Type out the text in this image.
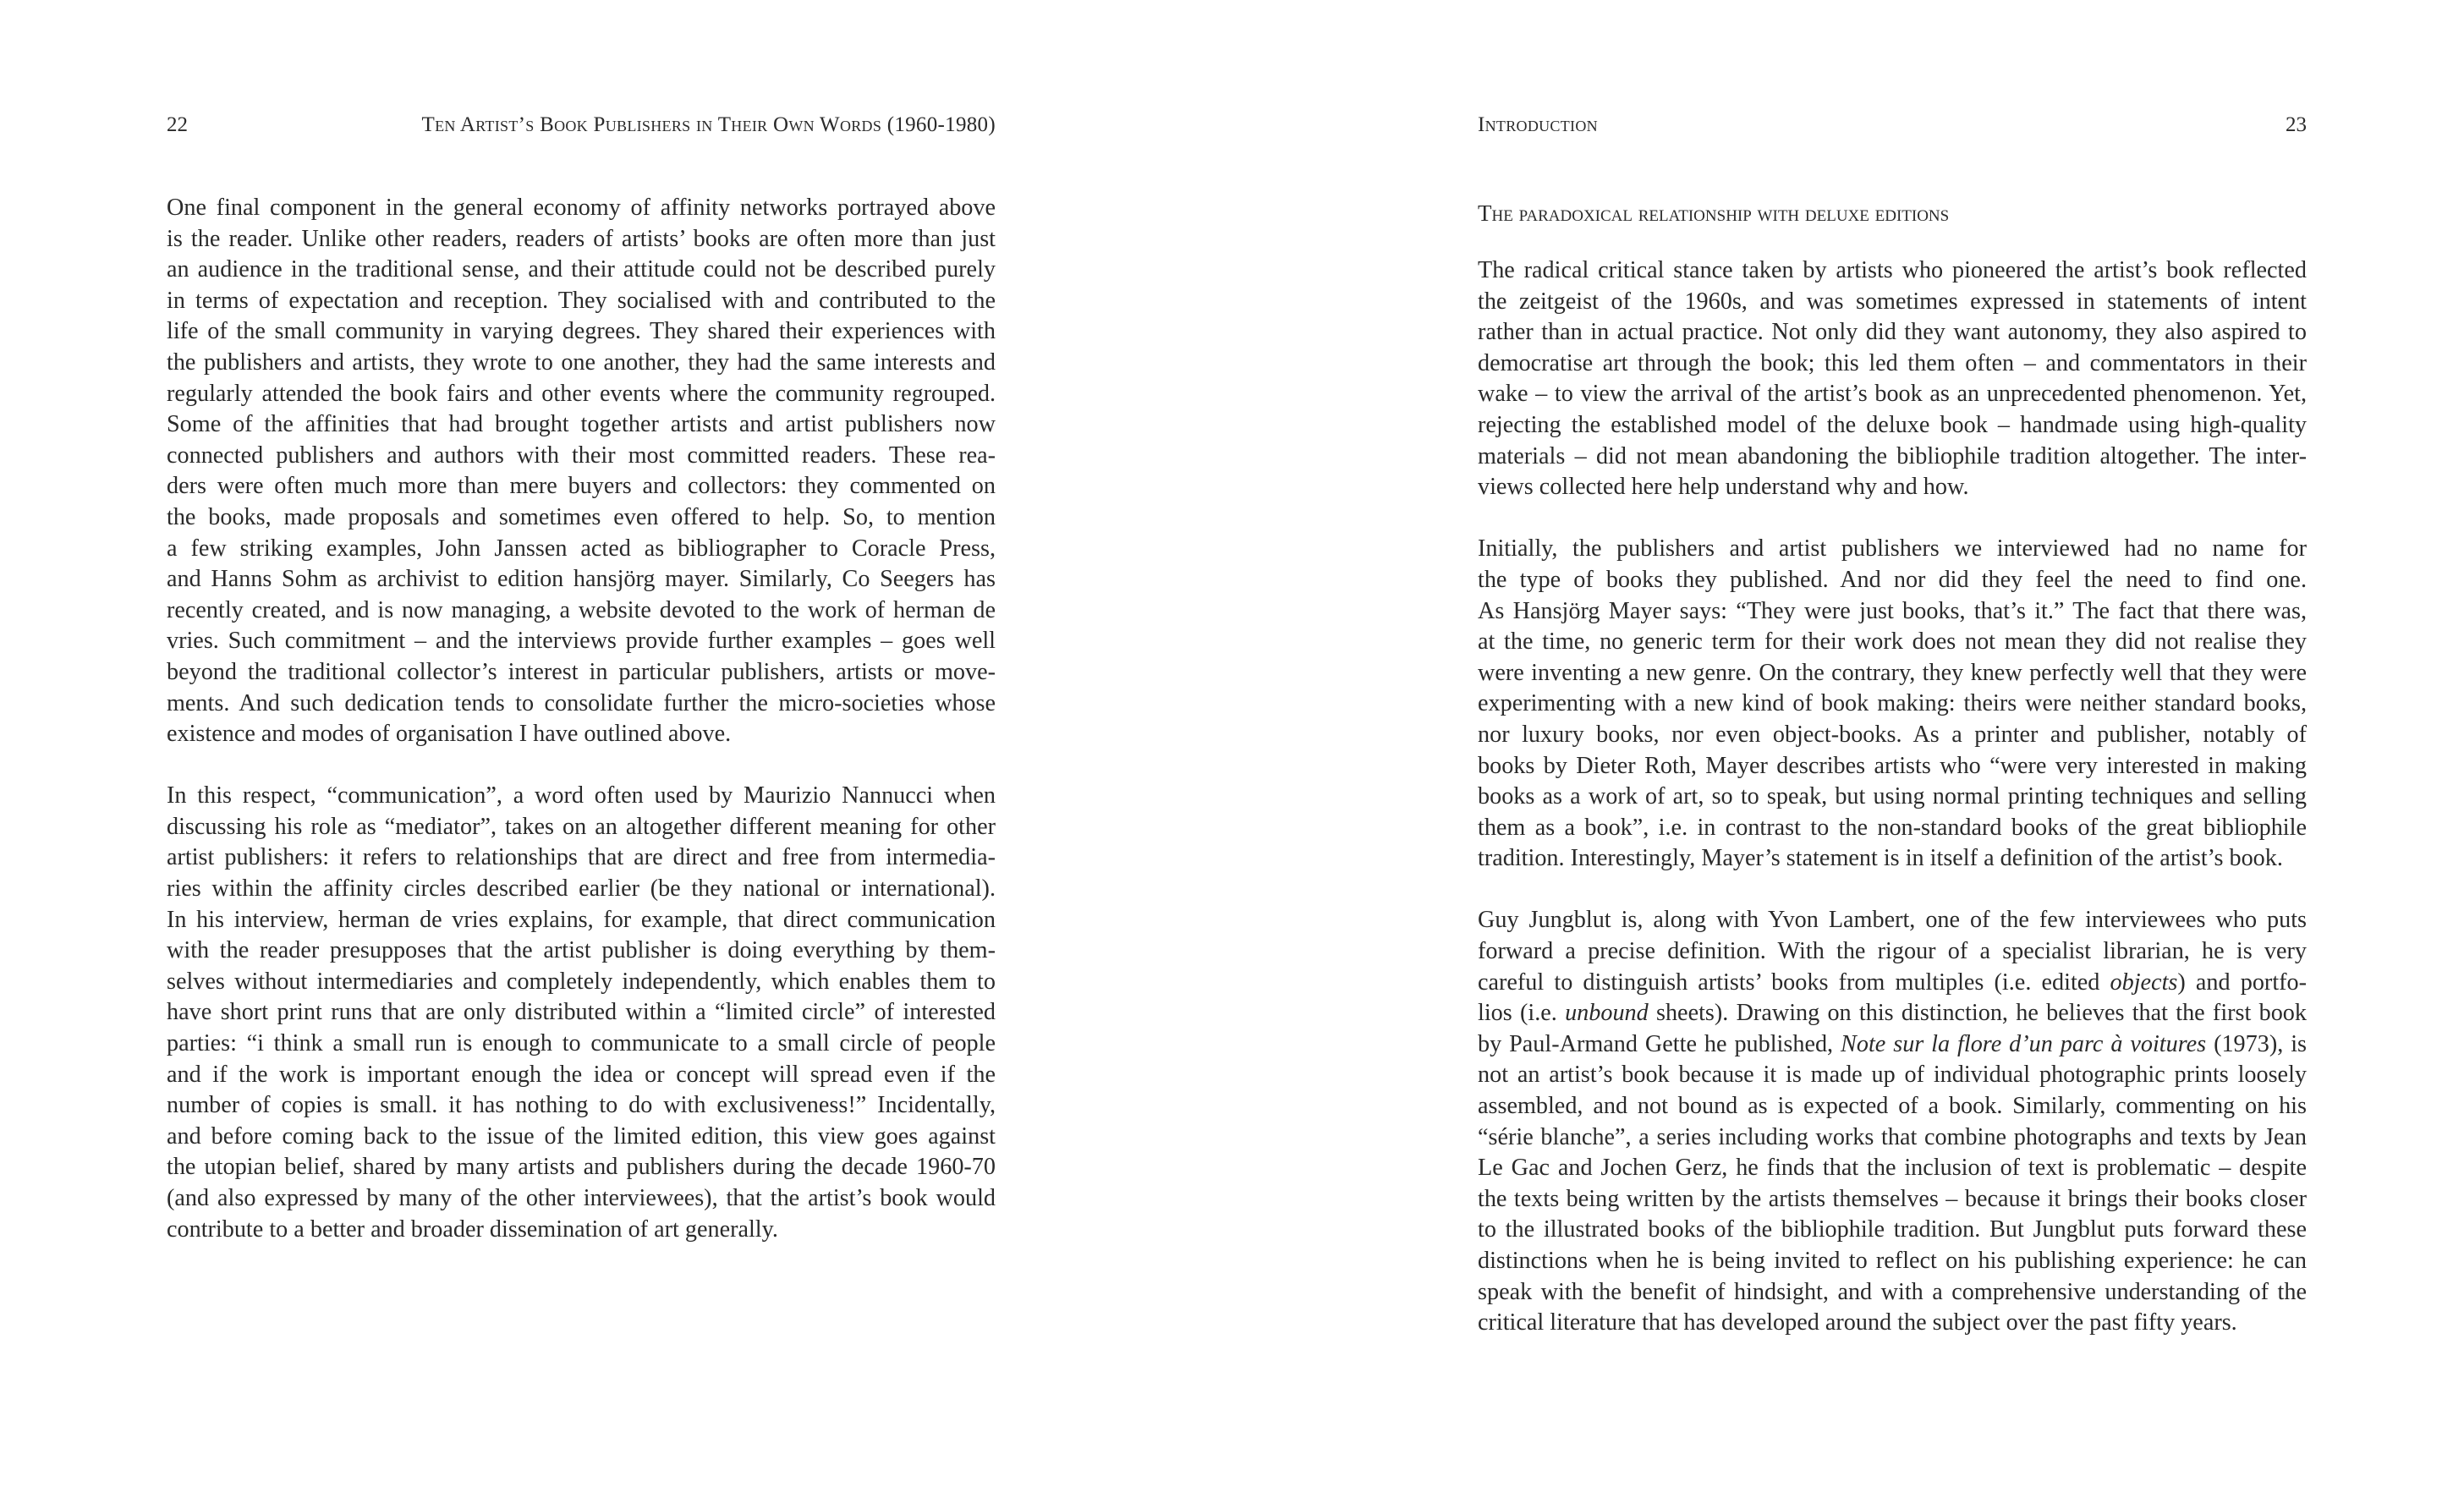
22	Ten Artist’s Book Publishers in Their Own Words (1960-1980)
One final component in the general economy of affinity networks portrayed above
is the reader. Unlike other readers, readers of artists’ books are often more than just
an audience in the traditional sense, and their attitude could not be described purely
in terms of expectation and reception. They socialised with and contributed to the
life of the small community in varying degrees. They shared their experiences with
the publishers and artists, they wrote to one another, they had the same interests and
regularly attended the book fairs and other events where the community regrouped.
Some of the affinities that had brought together artists and artist publishers now
connected publishers and authors with their most committed readers. These rea-
ders were often much more than mere buyers and collectors: they commented on
the books, made proposals and sometimes even offered to help. So, to mention
a few striking examples, John Janssen acted as bibliographer to Coracle Press,
and Hanns Sohm as archivist to edition hansjörg mayer. Similarly, Co Seegers has
recently created, and is now managing, a website devoted to the work of herman de
vries. Such commitment – and the interviews provide further examples – goes well
beyond the traditional collector’s interest in particular publishers, artists or move-
ments. And such dedication tends to consolidate further the micro-societies whose
existence and modes of organisation I have outlined above.
In this respect, “communication”, a word often used by Maurizio Nannucci when
discussing his role as “mediator”, takes on an altogether different meaning for other
artist publishers: it refers to relationships that are direct and free from intermedia-
ries within the affinity circles described earlier (be they national or international).
In his interview, herman de vries explains, for example, that direct communication
with the reader presupposes that the artist publisher is doing everything by them-
selves without intermediaries and completely independently, which enables them to
have short print runs that are only distributed within a “limited circle” of interested
parties: “i think a small run is enough to communicate to a small circle of people
and if the work is important enough the idea or concept will spread even if the
number of copies is small. it has nothing to do with exclusiveness!” Incidentally,
and before coming back to the issue of the limited edition, this view goes against
the utopian belief, shared by many artists and publishers during the decade 1960-70
(and also expressed by many of the other interviewees), that the artist’s book would
contribute to a better and broader dissemination of art generally.
Introduction	23
The paradoxical relationship with deluxe editions
The radical critical stance taken by artists who pioneered the artist’s book reflected
the zeitgeist of the 1960s, and was sometimes expressed in statements of intent
rather than in actual practice. Not only did they want autonomy, they also aspired to
democratise art through the book; this led them often – and commentators in their
wake – to view the arrival of the artist’s book as an unprecedented phenomenon. Yet,
rejecting the established model of the deluxe book – handmade using high-quality
materials – did not mean abandoning the bibliophile tradition altogether. The inter-
views collected here help understand why and how.
Initially, the publishers and artist publishers we interviewed had no name for
the type of books they published. And nor did they feel the need to find one.
As Hansjörg Mayer says: “They were just books, that’s it.” The fact that there was,
at the time, no generic term for their work does not mean they did not realise they
were inventing a new genre. On the contrary, they knew perfectly well that they were
experimenting with a new kind of book making: theirs were neither standard books,
nor luxury books, nor even object-books. As a printer and publisher, notably of
books by Dieter Roth, Mayer describes artists who “were very interested in making
books as a work of art, so to speak, but using normal printing techniques and selling
them as a book”, i.e. in contrast to the non-standard books of the great bibliophile
tradition. Interestingly, Mayer’s statement is in itself a definition of the artist’s book.
Guy Jungblut is, along with Yvon Lambert, one of the few interviewees who puts
forward a precise definition. With the rigour of a specialist librarian, he is very
careful to distinguish artists’ books from multiples (i.e. edited objects) and portfo-
lios (i.e. unbound sheets). Drawing on this distinction, he believes that the first book
by Paul-Armand Gette he published, Note sur la flore d’un parc à voitures (1973), is
not an artist’s book because it is made up of individual photographic prints loosely
assembled, and not bound as is expected of a book. Similarly, commenting on his
“série blanche”, a series including works that combine photographs and texts by Jean
Le Gac and Jochen Gerz, he finds that the inclusion of text is problematic – despite
the texts being written by the artists themselves – because it brings their books closer
to the illustrated books of the bibliophile tradition. But Jungblut puts forward these
distinctions when he is being invited to reflect on his publishing experience: he can
speak with the benefit of hindsight, and with a comprehensive understanding of the
critical literature that has developed around the subject over the past fifty years.
